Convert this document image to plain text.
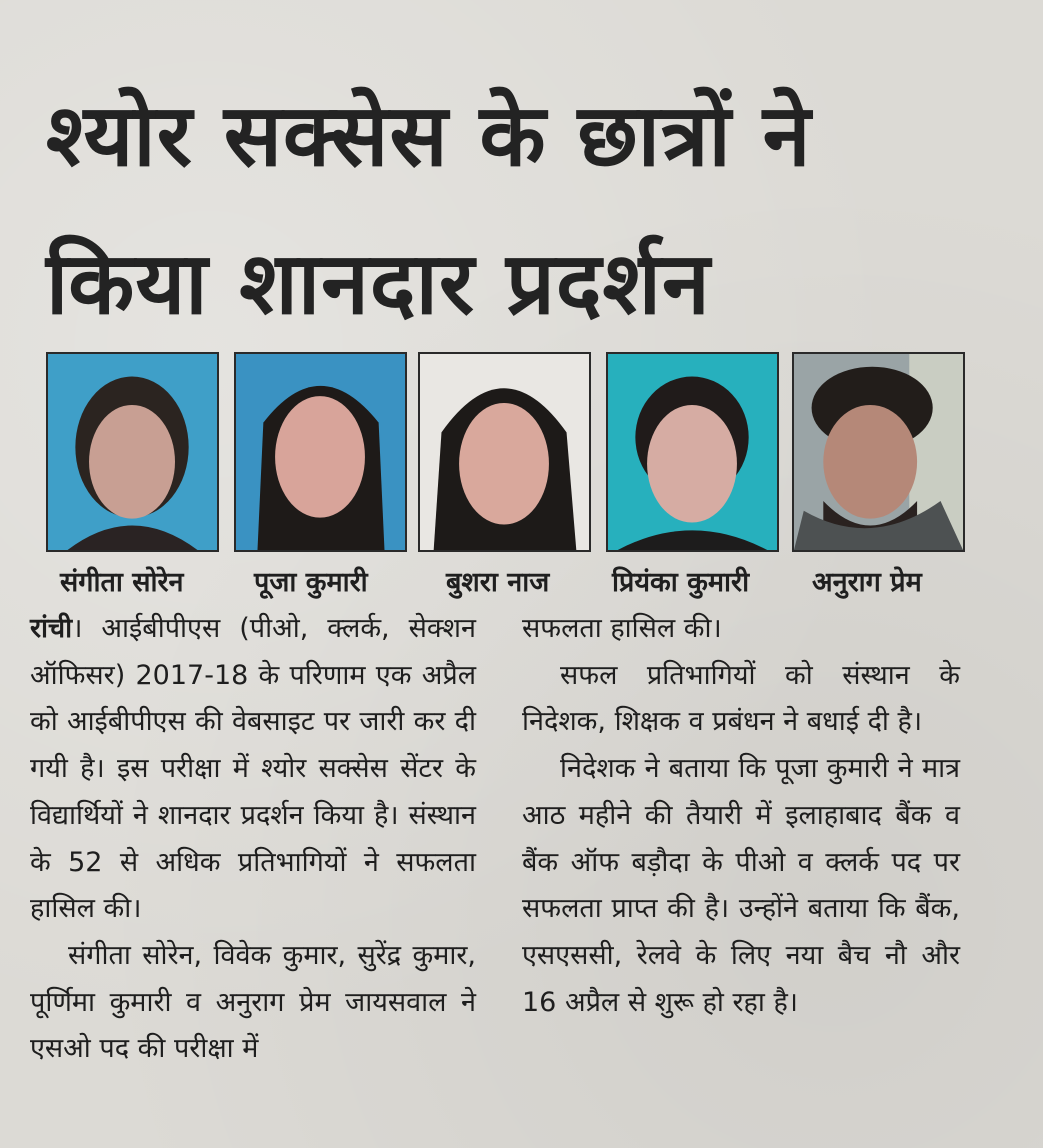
श्योर सक्सेस के छात्रों ने
किया शानदार प्रदर्शन
संगीता सोरेन	पूजा कुमारी	बुशरा नाज प्रियंका कुमारी अनुराग प्रेम

रांची। आईबीपीएस (पीओ, क्लर्क, सेक्शन ऑफिसर) 2017-18 के परिणाम एक अप्रैल को आईबीपीएस की वेबसाइट पर जारी कर दी गयी है। इस परीक्षा में श्योर सक्सेस सेंटर के विद्यार्थियों ने शानदार प्रदर्शन किया है। संस्थान के 52 से अधिक प्रतिभागियों ने सफलता हासिल की।

संगीता सोरेन, विवेक कुमार, सुरेंद्र कुमार, पूर्णिमा कुमारी व अनुराग प्रेम जायसवाल ने एसओ पद की परीक्षा में

सफलता हासिल की।

सफल प्रतिभागियों को संस्थान के निदेशक, शिक्षक व प्रबंधन ने बधाई दी है।

निदेशक ने बताया कि पूजा कुमारी ने मात्र आठ महीने की तैयारी में इलाहाबाद बैंक व बैंक ऑफ बड़ौदा के पीओ व क्लर्क पद पर सफलता प्राप्त की है। उन्होंने बताया कि बैंक, एसएससी, रेलवे के लिए नया बैच नौ और 16 अप्रैल से शुरू हो रहा है।
